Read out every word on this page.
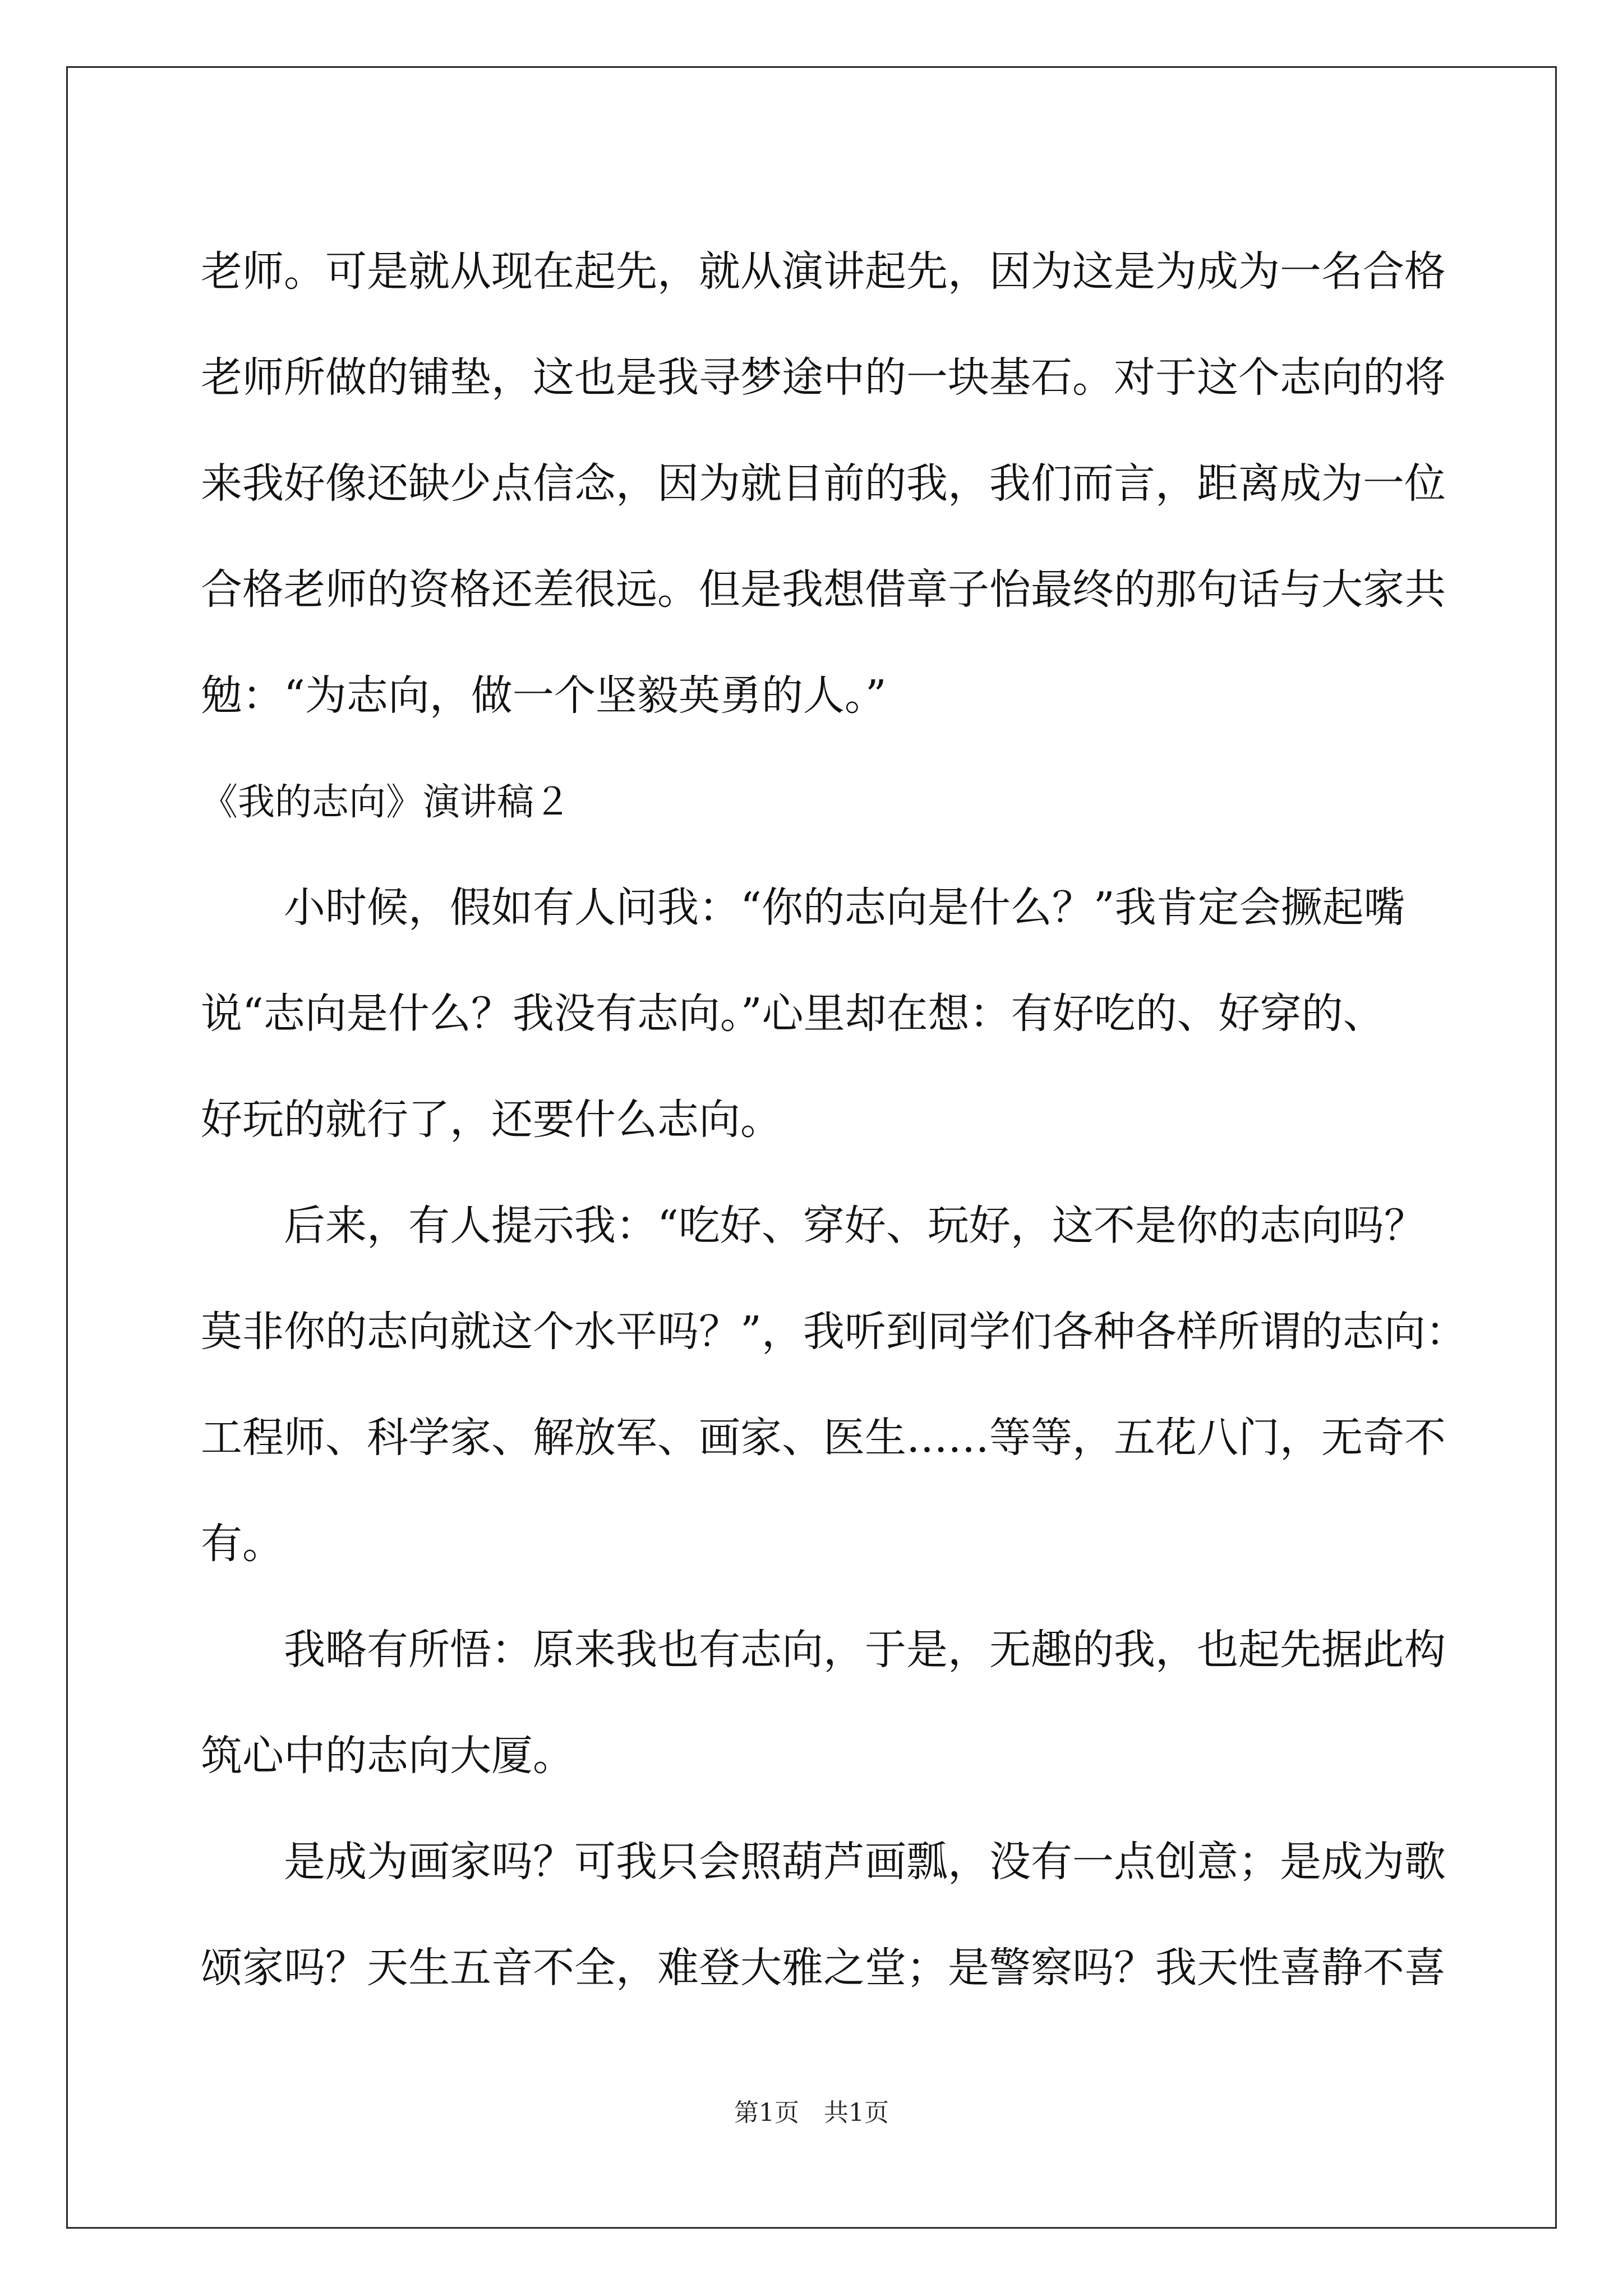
老师。可是就从现在起先，就从演讲起先，因为这是为成为一名合格
老师所做的铺垫，这也是我寻梦途中的一块基石。对于这个志向的将
来我好像还缺少点信念，因为就目前的我，我们而言，距离成为一位
合格老师的资格还差很远。但是我想借章子怡最终的那句话与大家共
勉：“为志向，做一个坚毅英勇的人。”
《我的志向》演讲稿２
　　小时候，假如有人问我：“你的志向是什么？”我肯定会撅起嘴
说“志向是什么？我没有志向。”心里却在想：有好吃的、好穿的、
好玩的就行了，还要什么志向。
　　后来，有人提示我：“吃好、穿好、玩好，这不是你的志向吗？
莫非你的志向就这个水平吗？”，我听到同学们各种各样所谓的志向：
工程师、科学家、解放军、画家、医生……等等，五花八门，无奇不
有。
　　我略有所悟：原来我也有志向，于是，无趣的我，也起先据此构
筑心中的志向大厦。
　　是成为画家吗？可我只会照葫芦画瓢，没有一点创意；是成为歌
颂家吗？天生五音不全，难登大雅之堂；是警察吗？我天性喜静不喜
第1页　共1页
